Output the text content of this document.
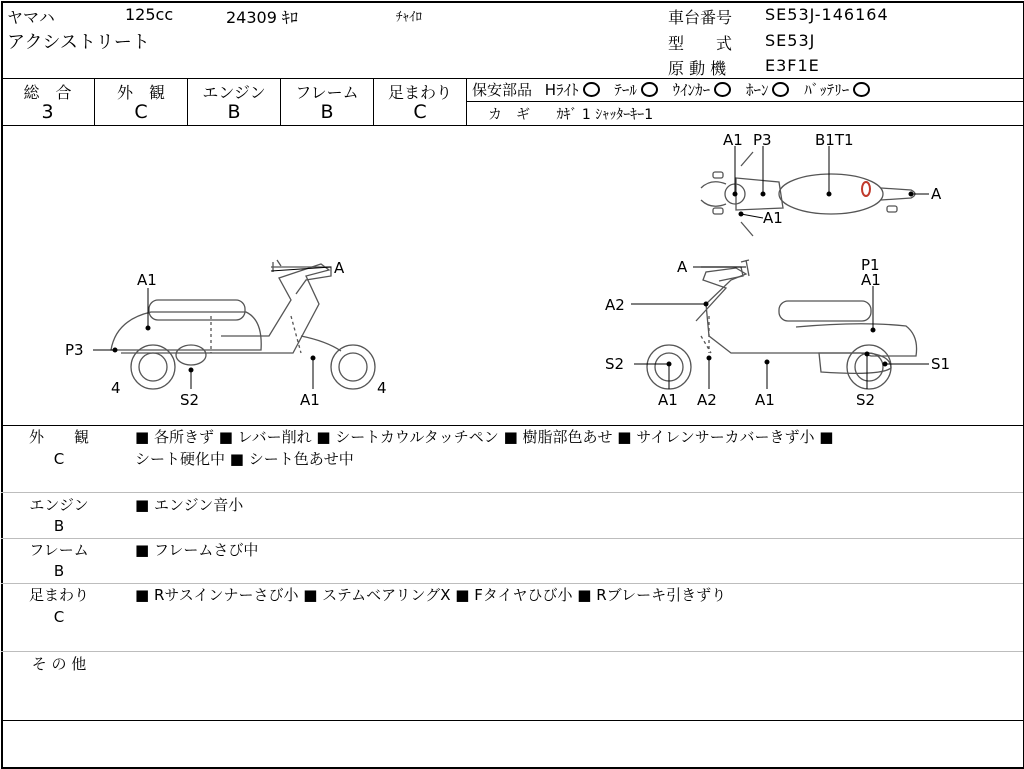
ヤマハ	125cc	24309 ｷﾛ	ﾁｬｲﾛ
アクシストリート
車台番号 SE53J-146164
型　　式 SE53J
原 動 機 E3F1E
総　合
3
外　観
C
エンジン
B
フレーム
B
足まわり
C
保安部品 Hﾗｲﾄ ﾃｰﾙ ｳｲﾝｶｰ ﾎｰﾝ ﾊﾞｯﾃﾘｰ
カ　ギ ｶｷﾞ 1 ｼｬｯﾀｰｷｰ1
A1
P3
A
4
S2	A1
4
A1 P3	B1T1
A
A1
A	P1
A1
A2
S2	S1
A1 A2	A1	S2
外　　観
C
■ 各所きず ■ レバー削れ ■ シートカウルタッチペン ■ 樹脂部色あせ ■ サイレンサーカバーきず小 ■
シート硬化中 ■ シート色あせ中
エンジン
B
■ エンジン音小
フレーム
B
■ フレームさび中
足まわり
C
■ Rサスインナーさび小 ■ ステムベアリングX ■ Fタイヤひび小 ■ Rブレーキ引きずり
そ の 他
